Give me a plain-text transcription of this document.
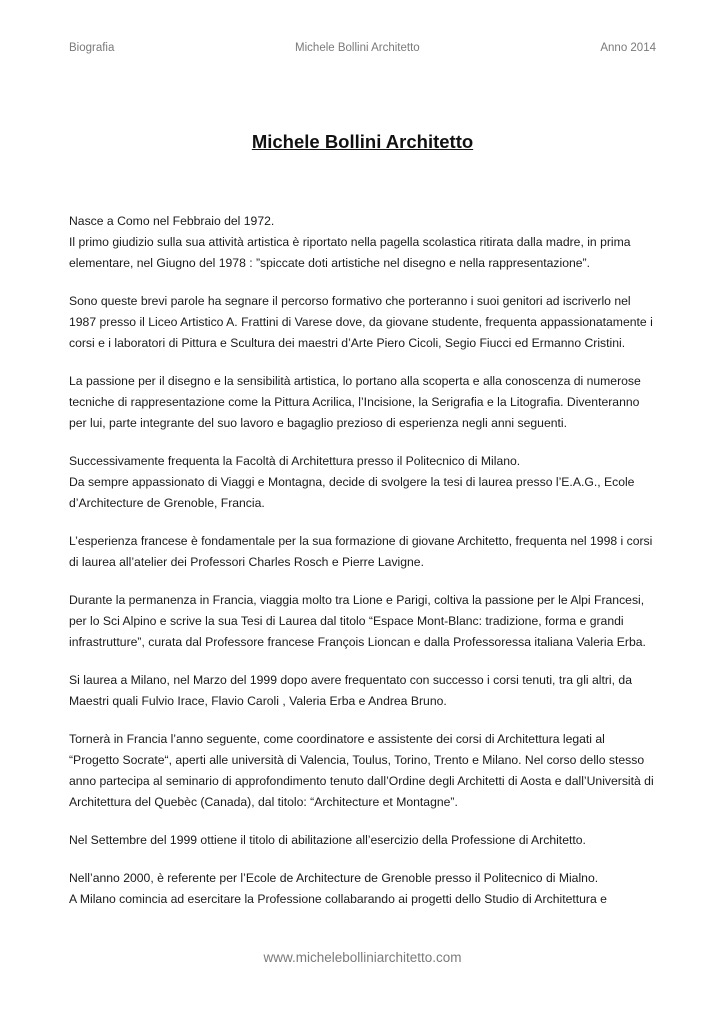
Biografia	Michele Bollini Architetto	Anno 2014
Michele Bollini Architetto

Nasce a Como nel Febbraio del 1972.
Il primo giudizio sulla sua attività artistica è riportato nella pagella scolastica ritirata dalla madre, in prima elementare, nel Giugno del 1978 : ”spiccate doti artistiche nel disegno e nella rappresentazione”.

Sono queste brevi parole ha segnare il percorso formativo che porteranno i suoi genitori ad iscriverlo nel 1987 presso il Liceo Artistico A. Frattini di Varese dove, da giovane studente, frequenta appassionatamente i corsi e i laboratori di Pittura e Scultura dei maestri d’Arte Piero Cicoli, Segio Fiucci ed Ermanno Cristini.

La passione per il disegno e la sensibilità artistica, lo portano alla scoperta e alla conoscenza di numerose tecniche di rappresentazione come la Pittura Acrilica, l’Incisione, la Serigrafia e la Litografia. Diventeranno per lui, parte integrante del suo lavoro e bagaglio prezioso di esperienza negli anni seguenti.

Successivamente frequenta la Facoltà di Architettura presso il Politecnico di Milano.
Da sempre appassionato di Viaggi e Montagna, decide di svolgere la tesi di laurea presso l’E.A.G., Ecole d’Architecture de Grenoble, Francia.

L’esperienza francese è fondamentale per la sua formazione di giovane Architetto, frequenta nel 1998 i corsi di laurea all’atelier dei Professori Charles Rosch e Pierre Lavigne.

Durante la permanenza in Francia, viaggia molto tra Lione e Parigi, coltiva la passione per le Alpi Francesi, per lo Sci Alpino e scrive la sua Tesi di Laurea dal titolo “Espace Mont-Blanc: tradizione, forma e grandi infrastrutture”, curata dal Professore francese François Lioncan e dalla Professoressa italiana Valeria Erba.

Si laurea a Milano, nel Marzo del 1999 dopo avere frequentato con successo i corsi tenuti, tra gli altri, da Maestri quali Fulvio Irace, Flavio Caroli , Valeria Erba e Andrea Bruno.

Tornerà in Francia l’anno seguente, come coordinatore e assistente dei corsi di Architettura legati al “Progetto Socrate“, aperti alle università di Valencia, Toulus, Torino, Trento e Milano. Nel corso dello stesso anno partecipa al seminario di approfondimento tenuto dall’Ordine degli Architetti di Aosta e dall’Università di Architettura del Quebèc (Canada), dal titolo: “Architecture et Montagne”.

Nel Settembre del 1999 ottiene il titolo di abilitazione all’esercizio della Professione di Architetto.

Nell’anno 2000, è referente per l’Ecole de Architecture de Grenoble presso il Politecnico di Mialno.
A Milano comincia ad esercitare la Professione collabarando ai progetti dello Studio di Architettura e

www.michelebolliniarchitetto.com
